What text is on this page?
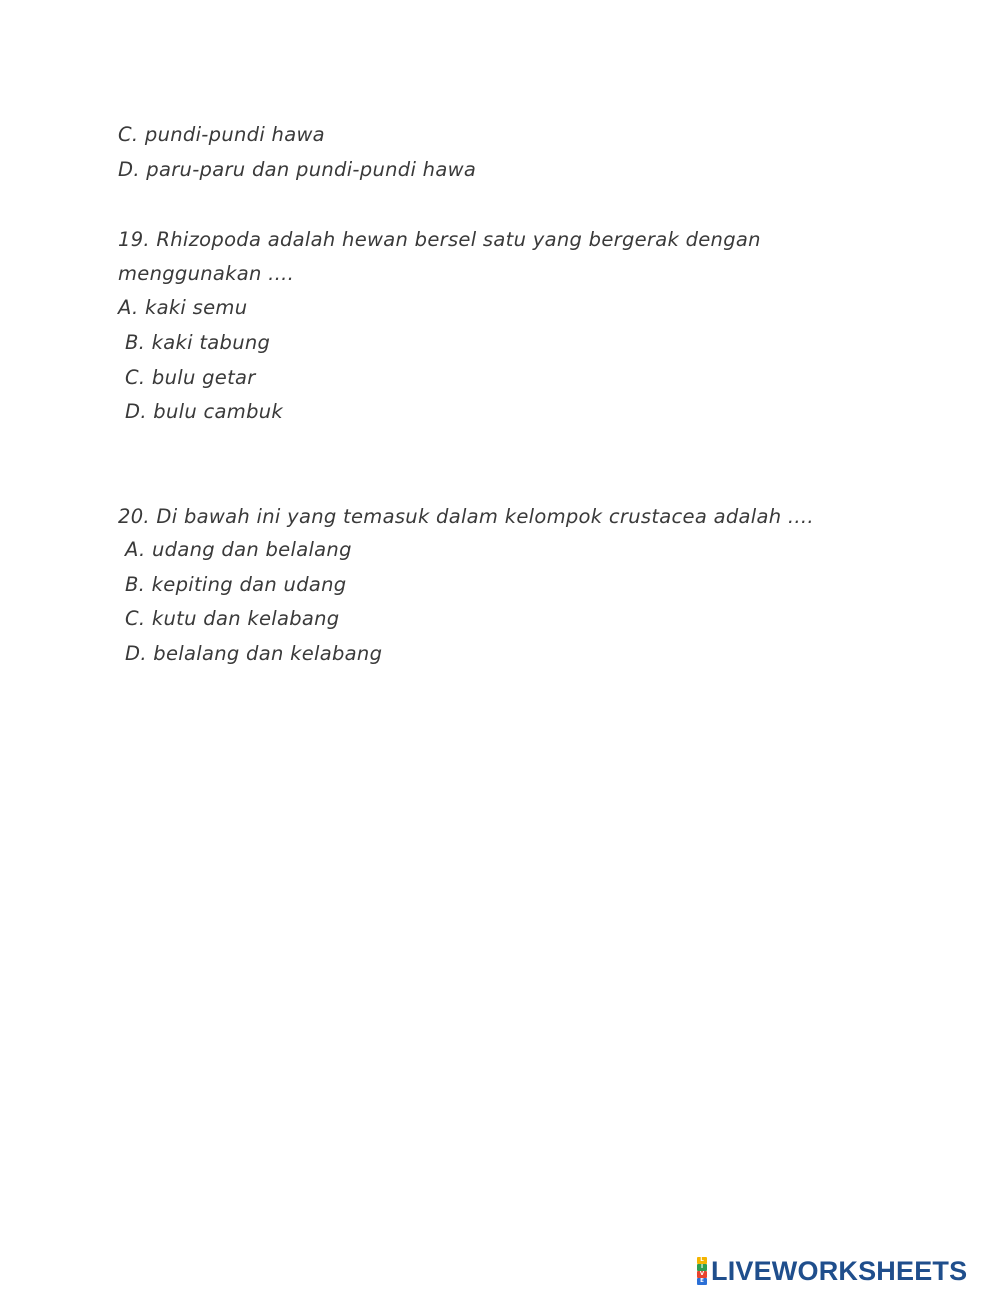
C. pundi-pundi hawa
D. paru-paru dan pundi-pundi hawa
19. Rhizopoda adalah hewan bersel satu yang bergerak dengan
menggunakan ....
A. kaki semu
B. kaki tabung
C. bulu getar
D. bulu cambuk
20. Di bawah ini yang temasuk dalam kelompok crustacea adalah ....
A. udang dan belalang
B. kepiting dan udang
C. kutu dan kelabang
D. belalang dan kelabang
L
I
V
E LIVEWORKSHEETS
